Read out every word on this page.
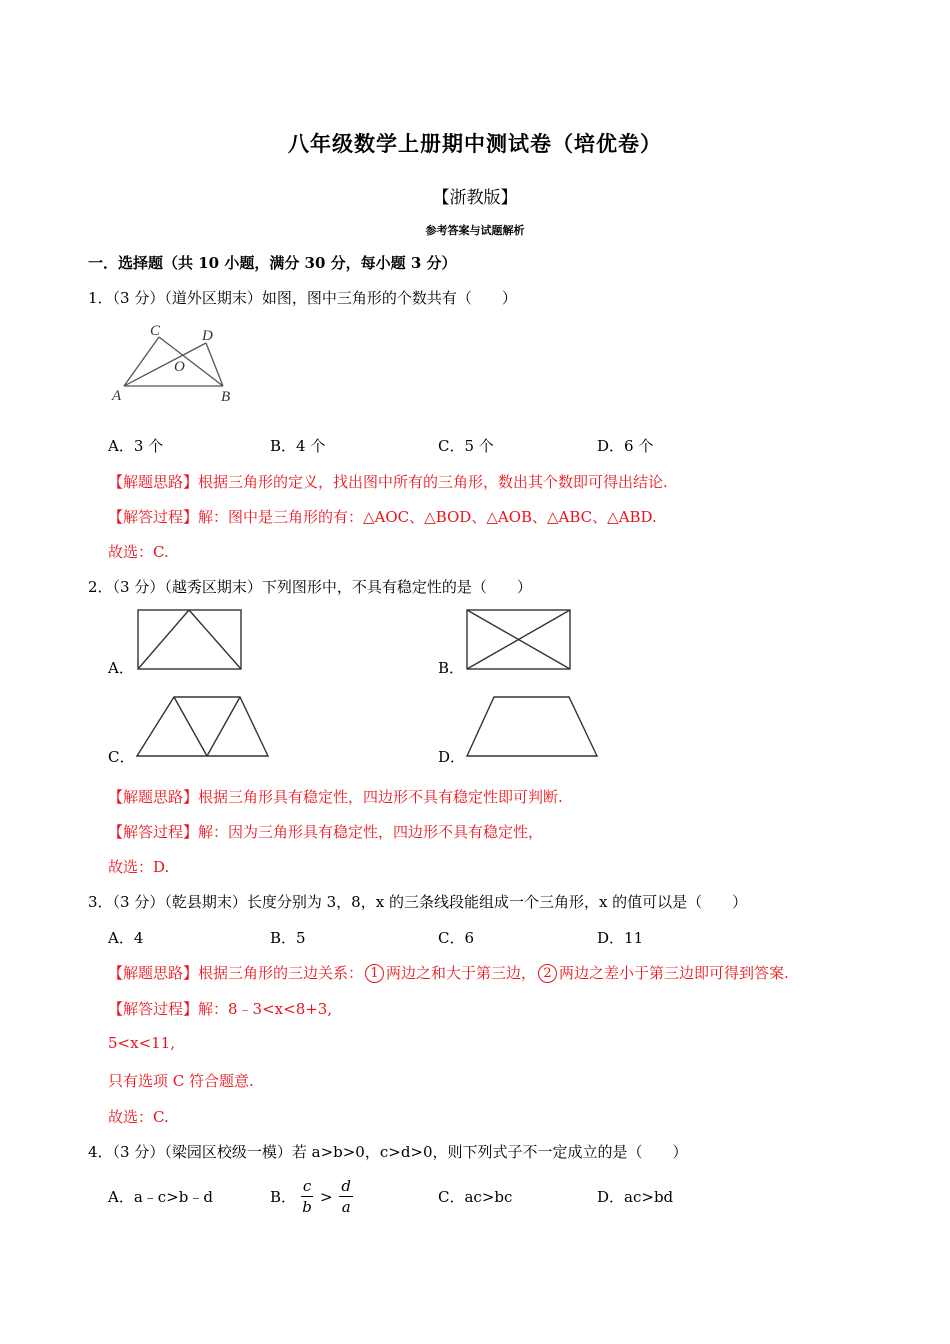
八年级数学上册期中测试卷（培优卷）
【浙教版】
参考答案与试题解析
一．选择题（共 10 小题，满分 30 分，每小题 3 分）
1．（3 分）（道外区期末）如图，图中三角形的个数共有（　　）
A	B
C	D
O
A．3 个	B．4 个	C．5 个	D．6 个
【解题思路】根据三角形的定义，找出图中所有的三角形，数出其个数即可得出结论.
【解答过程】解：图中是三角形的有：△AOC、△BOD、△AOB、△ABC、△ABD.
故选：C.
2．（3 分）（越秀区期末）下列图形中，不具有稳定性的是（　　）
A．	B．
C．	D．
【解题思路】根据三角形具有稳定性，四边形不具有稳定性即可判断.
【解答过程】解：因为三角形具有稳定性，四边形不具有稳定性，
故选：D.
3．（3 分）（乾县期末）长度分别为 3，8，x 的三条线段能组成一个三角形，x 的值可以是（　　）
A．4	B．5	C．6	D．11
【解题思路】根据三角形的三边关系： 1 两边之和大于第三边， 2 两边之差小于第三边即可得到答案.
【解答过程】解：8﹣3<x<8+3,
5<x<11,
只有选项 C 符合题意.
故选：C.
4．（3 分）（梁园区校级一模）若 a>b>0，c>d>0，则下列式子不一定成立的是（　　）
A．a﹣c>b﹣d	B． $\frac{c}{b} > \frac{d}{a}$	C．ac>bc	D．ac>bd
